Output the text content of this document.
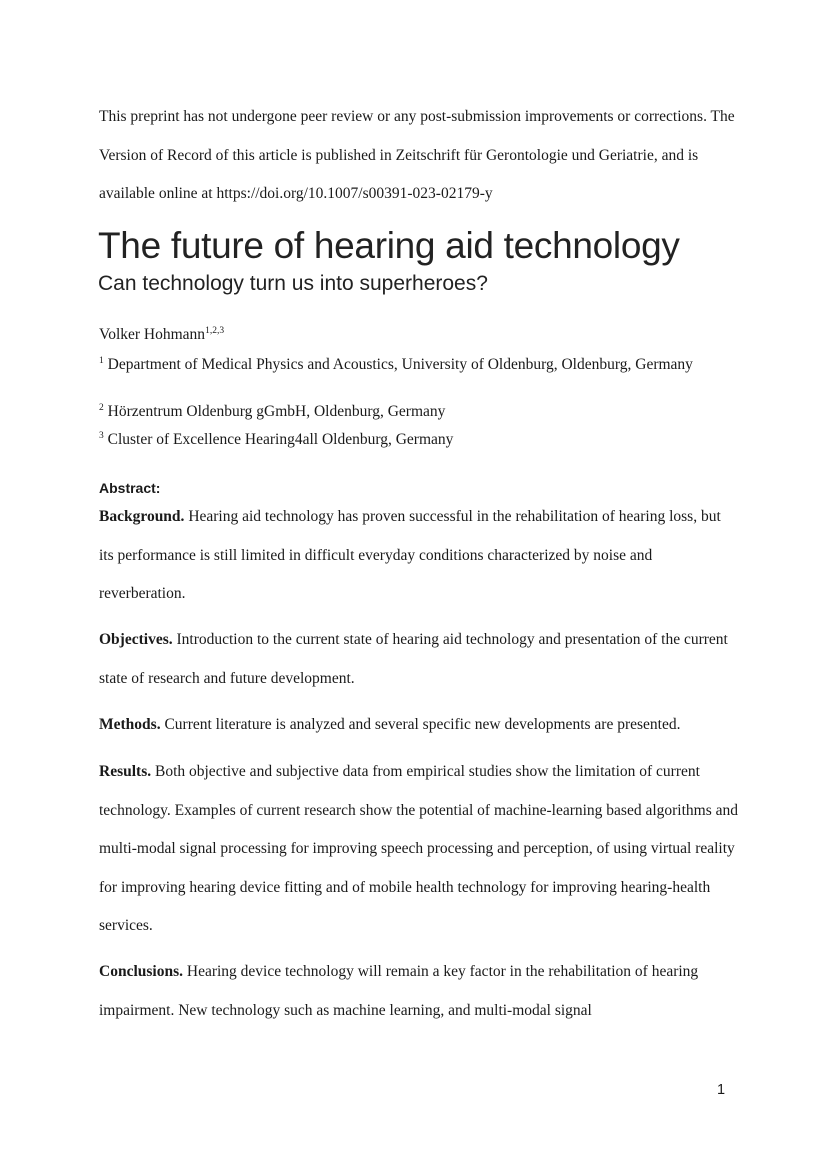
This preprint has not undergone peer review or any post-submission improvements or corrections. The Version of Record of this article is published in Zeitschrift für Gerontologie und Geriatrie, and is available online at https://doi.org/10.1007/s00391-023-02179-y
The future of hearing aid technology
Can technology turn us into superheroes?
Volker Hohmann$^{1,2,3}$
$^1$ Department of Medical Physics and Acoustics, University of Oldenburg, Oldenburg, Germany
$^2$ Hörzentrum Oldenburg gGmbH, Oldenburg, Germany
$^3$ Cluster of Excellence Hearing4all Oldenburg, Germany
Abstract:
Background. Hearing aid technology has proven successful in the rehabilitation of hearing loss, but its performance is still limited in difficult everyday conditions characterized by noise and reverberation.
Objectives. Introduction to the current state of hearing aid technology and presentation of the current state of research and future development.
Methods. Current literature is analyzed and several specific new developments are presented.
Results. Both objective and subjective data from empirical studies show the limitation of current technology. Examples of current research show the potential of machine-learning based algorithms and multi-modal signal processing for improving speech processing and perception, of using virtual reality for improving hearing device fitting and of mobile health technology for improving hearing-health services.
Conclusions. Hearing device technology will remain a key factor in the rehabilitation of hearing impairment. New technology such as machine learning, and multi-modal signal
1
